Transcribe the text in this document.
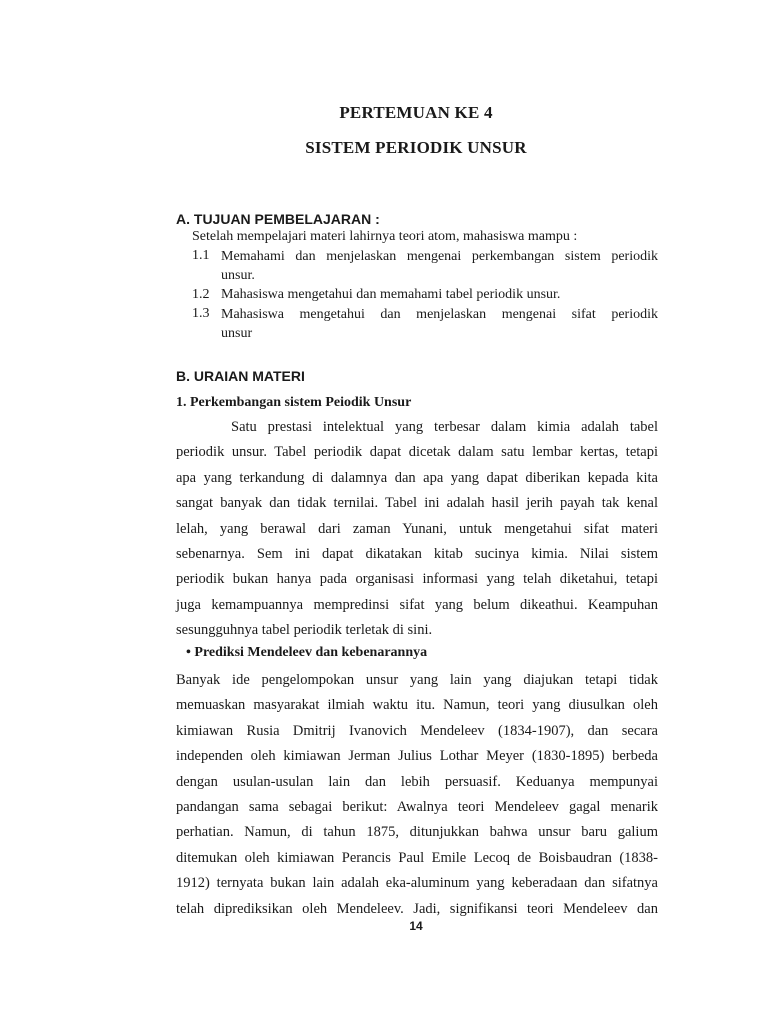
PERTEMUAN KE 4
SISTEM PERIODIK UNSUR
A. TUJUAN PEMBELAJARAN :
Setelah mempelajari materi lahirnya teori atom, mahasiswa mampu :
1.1 Memahami dan menjelaskan mengenai perkembangan sistem periodik
unsur.
1.2 Mahasiswa mengetahui dan memahami tabel periodik unsur.
1.3 Mahasiswa mengetahui dan menjelaskan mengenai sifat periodik
unsur
B. URAIAN MATERI
1. Perkembangan sistem Peiodik Unsur
Satu prestasi intelektual yang terbesar dalam kimia adalah tabel
periodik unsur. Tabel periodik dapat dicetak dalam satu lembar kertas, tetapi
apa yang terkandung di dalamnya dan apa yang dapat diberikan kepada kita
sangat banyak dan tidak ternilai. Tabel ini adalah hasil jerih payah tak kenal
lelah, yang berawal dari zaman Yunani, untuk mengetahui sifat materi
sebenarnya. Sem ini dapat dikatakan kitab sucinya kimia. Nilai sistem
periodik bukan hanya pada organisasi informasi yang telah diketahui, tetapi
juga kemampuannya mempredinsi sifat yang belum dikeathui. Keampuhan
sesungguhnya tabel periodik terletak di sini.
• Prediksi Mendeleev dan kebenarannya
Banyak ide pengelompokan unsur yang lain yang diajukan tetapi tidak
memuaskan masyarakat ilmiah waktu itu. Namun, teori yang diusulkan oleh
kimiawan Rusia Dmitrij Ivanovich Mendeleev (1834-1907), dan secara
independen oleh kimiawan Jerman Julius Lothar Meyer (1830-1895) berbeda
dengan usulan-usulan lain dan lebih persuasif. Keduanya mempunyai
pandangan sama sebagai berikut: Awalnya teori Mendeleev gagal menarik
perhatian. Namun, di tahun 1875, ditunjukkan bahwa unsur baru galium
ditemukan oleh kimiawan Perancis Paul Emile Lecoq de Boisbaudran (1838-
1912) ternyata bukan lain adalah eka-aluminum yang keberadaan dan sifatnya
telah diprediksikan oleh Mendeleev. Jadi, signifikansi teori Mendeleev dan
14
